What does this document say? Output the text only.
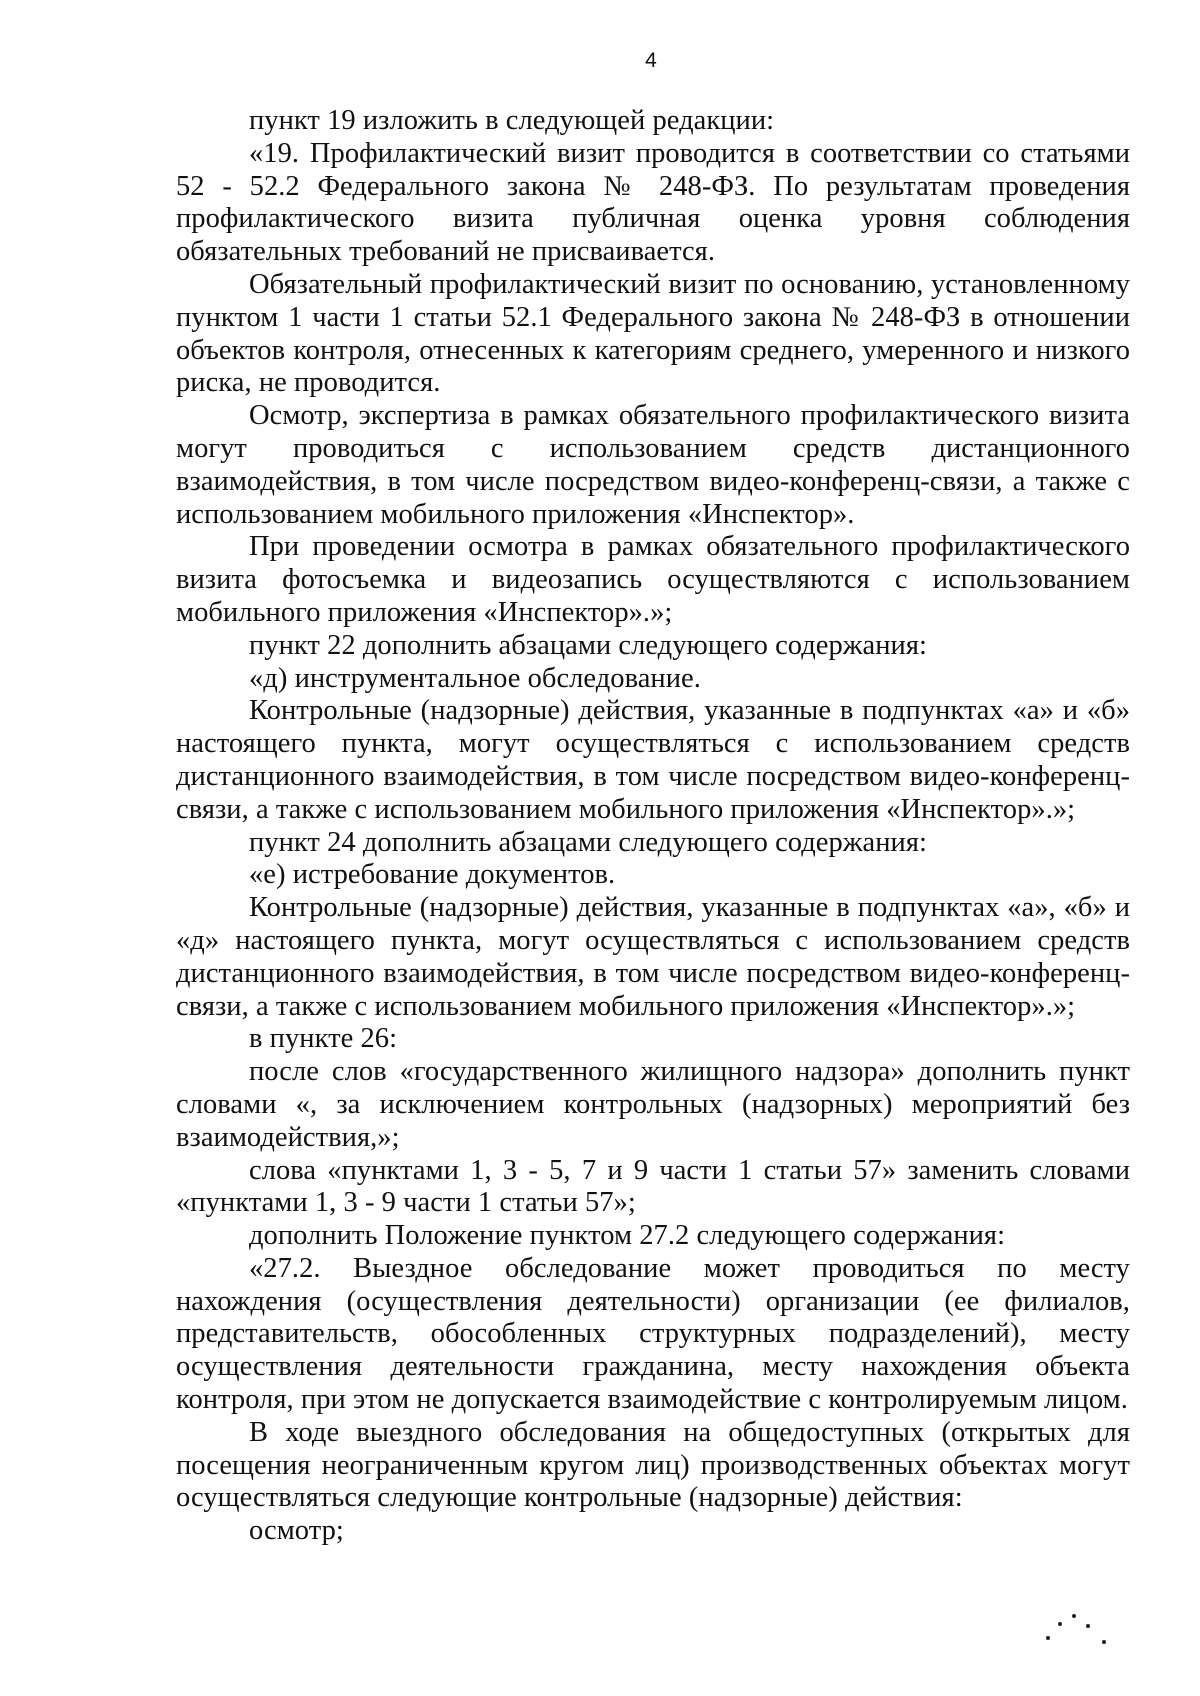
4

пункт 19 изложить в следующей редакции:

«19. Профилактический визит проводится в соответствии со статьями 52 - 52.2 Федерального закона № 248-ФЗ. По результатам проведения профилактического визита публичная оценка уровня соблюдения обязательных требований не присваивается.

Обязательный профилактический визит по основанию, установленному пунктом 1 части 1 статьи 52.1 Федерального закона № 248-ФЗ в отношении объектов контроля, отнесенных к категориям среднего, умеренного и низкого риска, не проводится.

Осмотр, экспертиза в рамках обязательного профилактического визита могут проводиться с использованием средств дистанционного взаимодействия, в том числе посредством видео-конференц-связи, а также с использованием мобильного приложения «Инспектор».

При проведении осмотра в рамках обязательного профилактического визита фотосъемка и видеозапись осуществляются с использованием мобильного приложения «Инспектор».»;

пункт 22 дополнить абзацами следующего содержания:

«д) инструментальное обследование.

Контрольные (надзорные) действия, указанные в подпунктах «а» и «б» настоящего пункта, могут осуществляться с использованием средств дистанционного взаимодействия, в том числе посредством видео-конференц-связи, а также с использованием мобильного приложения «Инспектор».»;

пункт 24 дополнить абзацами следующего содержания:

«е) истребование документов.

Контрольные (надзорные) действия, указанные в подпунктах «а», «б» и «д» настоящего пункта, могут осуществляться с использованием средств дистанционного взаимодействия, в том числе посредством видео-конференц-связи, а также с использованием мобильного приложения «Инспектор».»;

в пункте 26:

после слов «государственного жилищного надзора» дополнить пункт словами «, за исключением контрольных (надзорных) мероприятий без взаимодействия,»;

слова «пунктами 1, 3 - 5, 7 и 9 части 1 статьи 57» заменить словами «пунктами 1, 3 - 9 части 1 статьи 57»;

дополнить Положение пунктом 27.2 следующего содержания:

«27.2. Выездное обследование может проводиться по месту нахождения (осуществления деятельности) организации (ее филиалов, представительств, обособленных структурных подразделений), месту осуществления деятельности гражданина, месту нахождения объекта контроля, при этом не допускается взаимодействие с контролируемым лицом.

В ходе выездного обследования на общедоступных (открытых для посещения неограниченным кругом лиц) производственных объектах могут осуществляться следующие контрольные (надзорные) действия:

осмотр;
